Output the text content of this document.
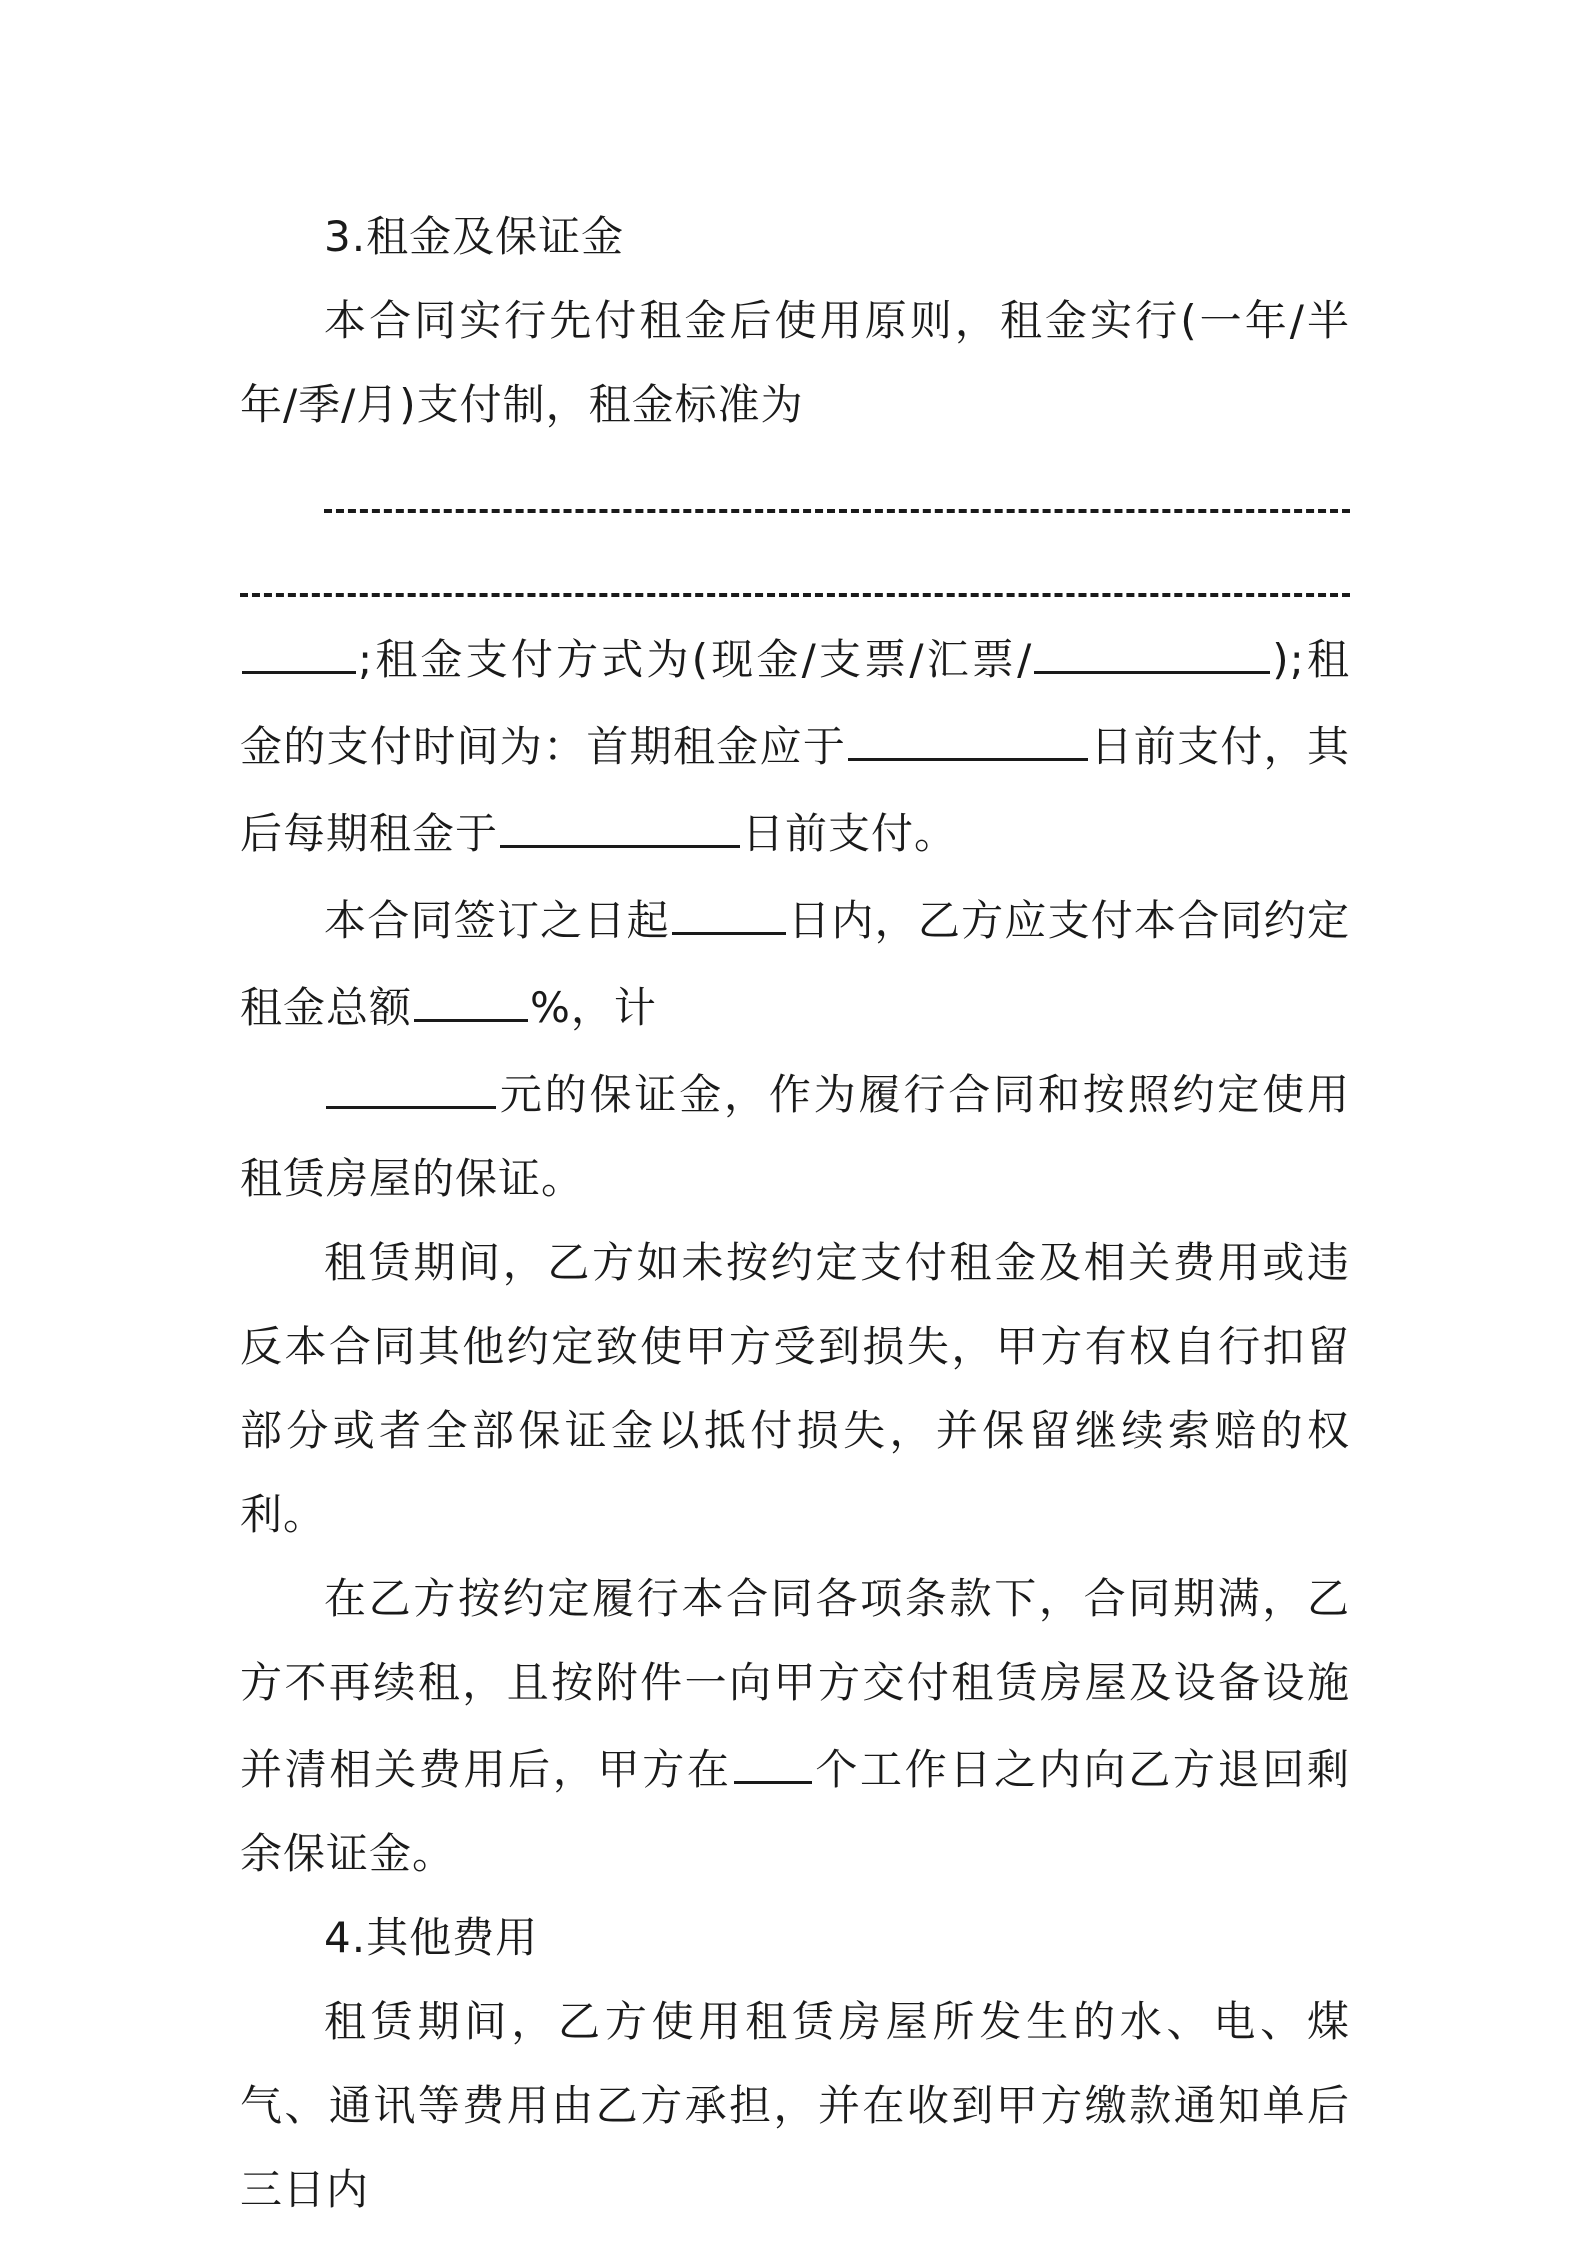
3.租金及保证金

本合同实行先付租金后使用原则，租金实行(一年/半年/季/月)支付制，租金标准为

;租金支付方式为(现金/支票/汇票/	);租金的支付时间为：首期租金应于	日前支付，其后每期租金于	日前支付。

本合同签订之日起	日内，乙方应支付本合同约定租金总额	%，计

元的保证金，作为履行合同和按照约定使用租赁房屋的保证。

租赁期间，乙方如未按约定支付租金及相关费用或违反本合同其他约定致使甲方受到损失，甲方有权自行扣留部分或者全部保证金以抵付损失，并保留继续索赔的权利。

在乙方按约定履行本合同各项条款下，合同期满，乙方不再续租，且按附件一向甲方交付租赁房屋及设备设施并清相关费用后，甲方在 个工作日之内向乙方退回剩余保证金。

4.其他费用

租赁期间，乙方使用租赁房屋所发生的水、电、煤气、通讯等费用由乙方承担，并在收到甲方缴款通知单后三日内
